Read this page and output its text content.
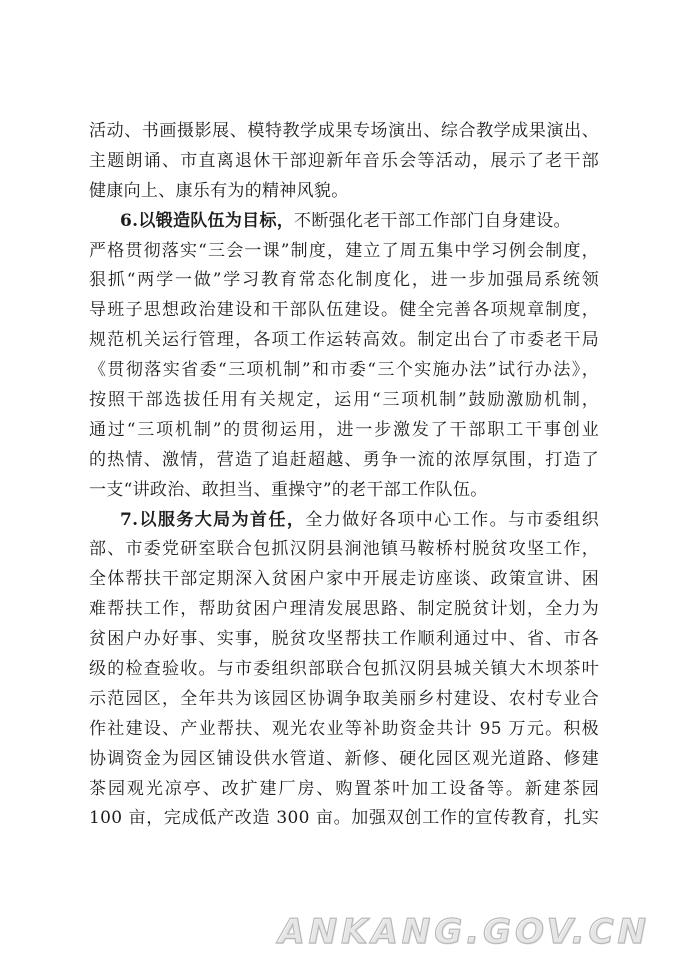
活动、书画摄影展、模特教学成果专场演出、综合教学成果演出、
主题朗诵、市直离退休干部迎新年音乐会等活动，展示了老干部
健康向上、康乐有为的精神风貌。
6.以锻造队伍为目标，不断强化老干部工作部门自身建设。
严格贯彻落实“三会一课”制度，建立了周五集中学习例会制度，
狠抓“两学一做”学习教育常态化制度化，进一步加强局系统领
导班子思想政治建设和干部队伍建设。健全完善各项规章制度，
规范机关运行管理，各项工作运转高效。制定出台了市委老干局
《贯彻落实省委“三项机制”和市委“三个实施办法”试行办法》，
按照干部选拔任用有关规定，运用“三项机制”鼓励激励机制，
通过“三项机制”的贯彻运用，进一步激发了干部职工干事创业
的热情、激情，营造了追赶超越、勇争一流的浓厚氛围，打造了
一支“讲政治、敢担当、重操守”的老干部工作队伍。
7.以服务大局为首任，全力做好各项中心工作。与市委组织
部、市委党研室联合包抓汉阴县涧池镇马鞍桥村脱贫攻坚工作，
全体帮扶干部定期深入贫困户家中开展走访座谈、政策宣讲、困
难帮扶工作，帮助贫困户理清发展思路、制定脱贫计划，全力为
贫困户办好事、实事，脱贫攻坚帮扶工作顺利通过中、省、市各
级的检查验收。与市委组织部联合包抓汉阴县城关镇大木坝茶叶
示范园区，全年共为该园区协调争取美丽乡村建设、农村专业合
作社建设、产业帮扶、观光农业等补助资金共计 95 万元。积极
协调资金为园区铺设供水管道、新修、硬化园区观光道路、修建
茶园观光凉亭、改扩建厂房、购置茶叶加工设备等。新建茶园
100 亩，完成低产改造 300 亩。加强双创工作的宣传教育，扎实
ANKANG.GOV.CN
